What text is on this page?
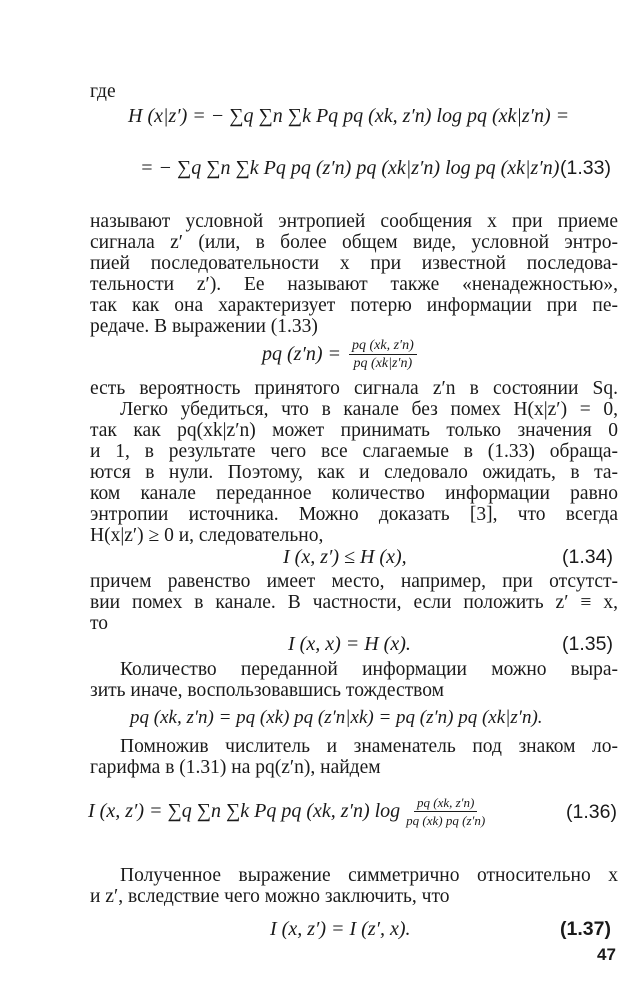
где
H (x|z′) = − ∑q ∑n ∑k Pq pq (xk, z′n) log pq (xk|z′n) =
= − ∑q ∑n ∑k Pq pq (z′n) pq (xk|z′n) log pq (xk|z′n) (1.33)
называют условной энтропией сообщения x при приеме
сигнала z′ (или, в более общем виде, условной энтро-
пией последовательности x при известной последова-
тельности z′). Ее называют также «ненадежностью»,
так как она характеризует потерю информации при пе-
редаче. В выражении (1.33)
pq $(z'n) = \frac{pq (xk, z'n)}{pq (xk|z'n)}$
есть вероятность принятого сигнала z′n в состоянии Sq.
Легко убедиться, что в канале без помех H(x|z′) = 0,
так как pq(xk|z′n) может принимать только значения 0
и 1, в результате чего все слагаемые в (1.33) обраща-
ются в нули. Поэтому, как и следовало ожидать, в та-
ком канале переданное количество информации равно
энтропии источника. Можно доказать [3], что всегда
H(x|z′) ≥ 0 и, следовательно,
I (x, z′) ≤ H (x),	(1.34)
причем равенство имеет место, например, при отсутст-
вии помех в канале. В частности, если положить z′ ≡ x,
то
I (x, x) = H (x).	(1.35)
Количество переданной информации можно выра-
зить иначе, воспользовавшись тождеством
pq (xk, z′n) = pq (xk) pq (z′n|xk) = pq (z′n) pq (xk|z′n).
Помножив числитель и знаменатель под знаком ло-
гарифма в (1.31) на pq(z′n), найдем
I (x, z′) = ∑q ∑n ∑k Pq pq (xk, z′n) $\log \frac{pq (xk, z'n)}{pq (xk) pq (z'n)}$	(1.36)
Полученное выражение симметрично относительно x
и z′, вследствие чего можно заключить, что
I (x, z′) = I (z′, x).	(1.37)
47
